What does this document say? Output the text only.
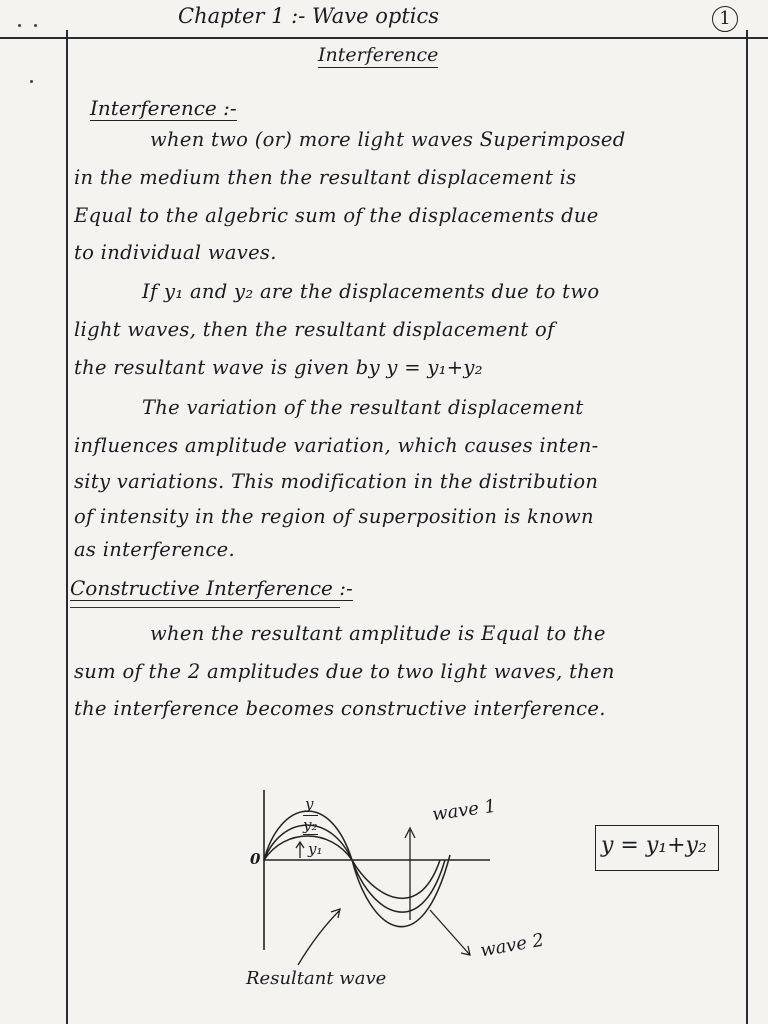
Chapter 1 :- Wave optics	1
Interference
Interference :-
when two (or) more light waves Superimposed
in the medium then the resultant displacement is
Equal to the algebric sum of the displacements due
to individual waves.
If y₁ and y₂ are the displacements due to two
light waves, then the resultant displacement of
the resultant wave is given by y = y₁+y₂
The variation of the resultant displacement
influences amplitude variation, which causes inten-
sity variations. This modification in the distribution
of intensity in the region of superposition is known
as interference.
Constructive Interference :-
when the resultant amplitude is Equal to the
sum of the 2 amplitudes due to two light waves, then
the interference becomes constructive interference.
y
y₂
y₁
0
wave 1
wave 2
Resultant wave
y = y₁+y₂
